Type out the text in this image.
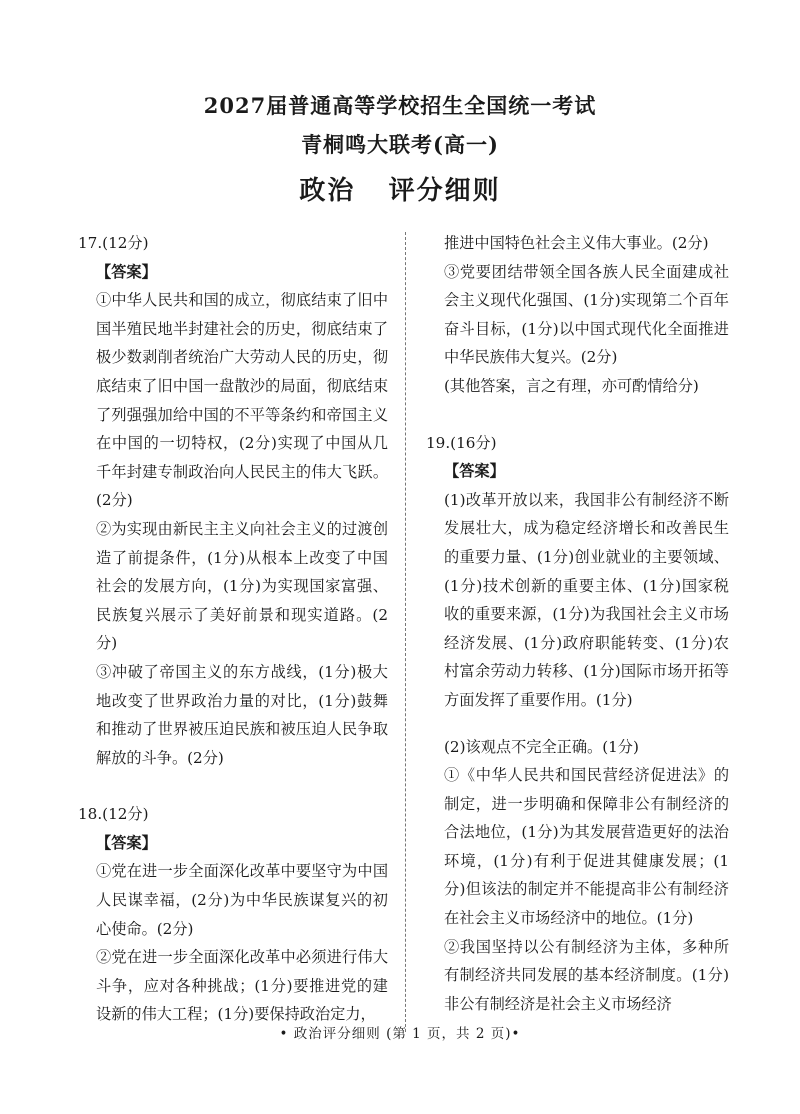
2027届普通高等学校招生全国统一考试
青桐鸣大联考(高一)
政治   评分细则

17.(12分)

【答案】

①中华人民共和国的成立，彻底结束了旧中国半殖民地半封建社会的历史，彻底结束了极少数剥削者统治广大劳动人民的历史，彻底结束了旧中国一盘散沙的局面，彻底结束了列强强加给中国的不平等条约和帝国主义在中国的一切特权，(2分)实现了中国从几千年封建专制政治向人民民主的伟大飞跃。(2分)

②为实现由新民主主义向社会主义的过渡创造了前提条件，(1分)从根本上改变了中国社会的发展方向，(1分)为实现国家富强、民族复兴展示了美好前景和现实道路。(2分)

③冲破了帝国主义的东方战线，(1分)极大地改变了世界政治力量的对比，(1分)鼓舞和推动了世界被压迫民族和被压迫人民争取解放的斗争。(2分)

18.(12分)

【答案】

①党在进一步全面深化改革中要坚守为中国人民谋幸福，(2分)为中华民族谋复兴的初心使命。(2分)

②党在进一步全面深化改革中必须进行伟大斗争，应对各种挑战；(1分)要推进党的建设新的伟大工程；(1分)要保持政治定力，

推进中国特色社会主义伟大事业。(2分)

③党要团结带领全国各族人民全面建成社会主义现代化强国、(1分)实现第二个百年奋斗目标，(1分)以中国式现代化全面推进中华民族伟大复兴。(2分)

(其他答案，言之有理，亦可酌情给分)

19.(16分)

【答案】

(1)改革开放以来，我国非公有制经济不断发展壮大，成为稳定经济增长和改善民生的重要力量、(1分)创业就业的主要领域、(1分)技术创新的重要主体、(1分)国家税收的重要来源，(1分)为我国社会主义市场经济发展、(1分)政府职能转变、(1分)农村富余劳动力转移、(1分)国际市场开拓等方面发挥了重要作用。(1分)

(2)该观点不完全正确。(1分)

①《中华人民共和国民营经济促进法》的制定，进一步明确和保障非公有制经济的合法地位，(1分)为其发展营造更好的法治环境，(1分)有利于促进其健康发展；(1分)但该法的制定并不能提高非公有制经济在社会主义市场经济中的地位。(1分)

②我国坚持以公有制经济为主体，多种所有制经济共同发展的基本经济制度。(1分)非公有制经济是社会主义市场经济

• 政治评分细则 (第 1 页，共 2 页)•
